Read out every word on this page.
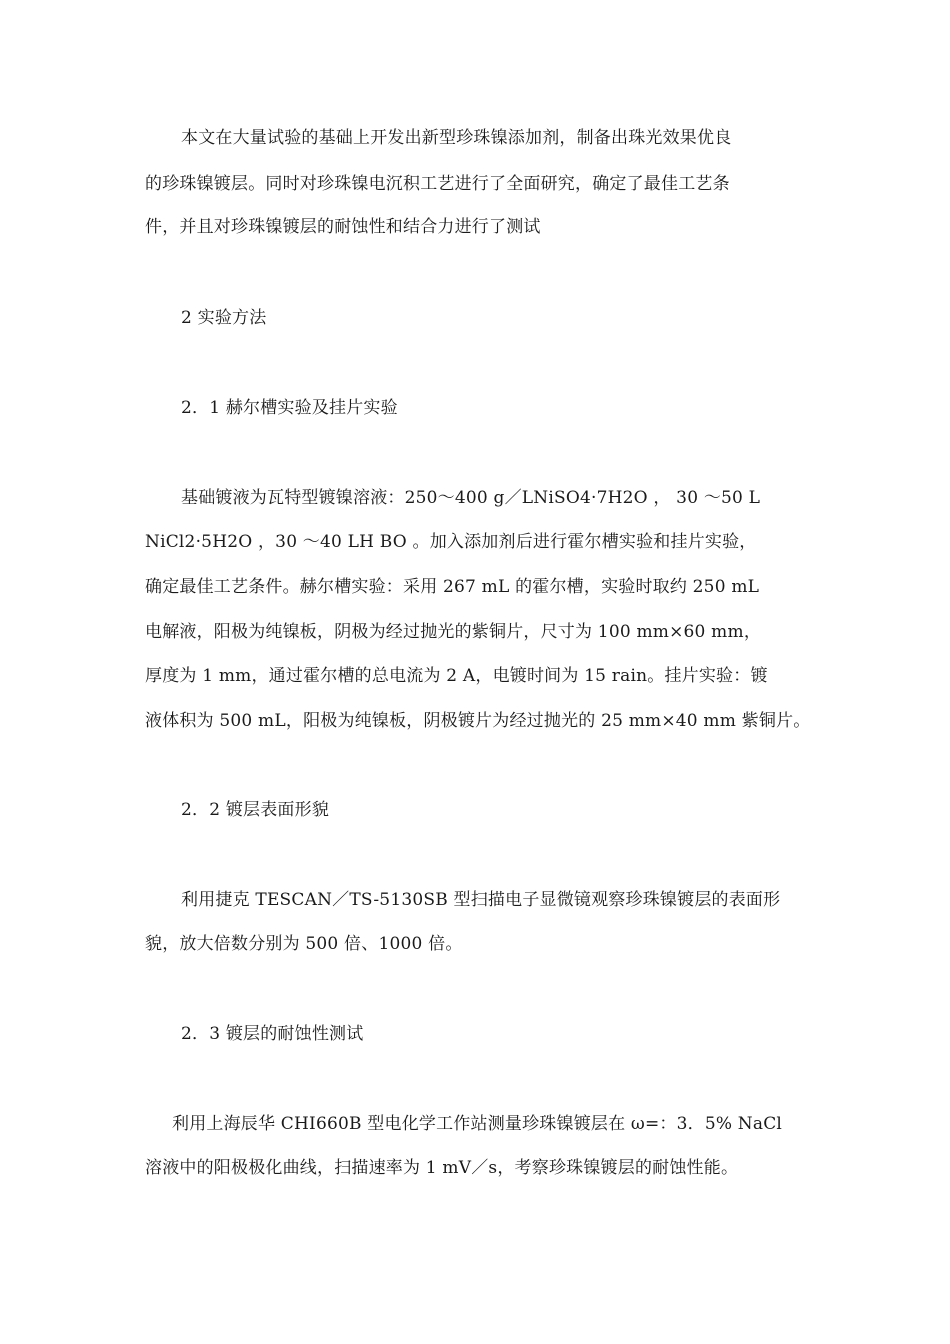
本文在大量试验的基础上开发出新型珍珠镍添加剂，制备出珠光效果优良
的珍珠镍镀层。同时对珍珠镍电沉积工艺进行了全面研究，确定了最佳工艺条
件，并且对珍珠镍镀层的耐蚀性和结合力进行了测试
2 实验方法
2．1 赫尔槽实验及挂片实验
基础镀液为瓦特型镀镍溶液：250～400 g／LNiSO4·7H2O ， 30 ～50 L
NiCl2·5H2O ，30 ～40 LH BO 。加入添加剂后进行霍尔槽实验和挂片实验，
确定最佳工艺条件。赫尔槽实验：采用 267 mL 的霍尔槽，实验时取约 250 mL
电解液，阳极为纯镍板，阴极为经过抛光的紫铜片，尺寸为 100 mm×60 mm，
厚度为 1 mm，通过霍尔槽的总电流为 2 A，电镀时间为 15 rain。挂片实验：镀
液体积为 500 mL，阳极为纯镍板，阴极镀片为经过抛光的 25 mm×40 mm 紫铜片。
2．2 镀层表面形貌
利用捷克 TESCAN／TS-5130SB 型扫描电子显微镜观察珍珠镍镀层的表面形
貌，放大倍数分别为 500 倍、1000 倍。
2．3 镀层的耐蚀性测试
利用上海辰华 CHI660B 型电化学工作站测量珍珠镍镀层在 ω=：3．5% NaCl
溶液中的阳极极化曲线，扫描速率为 1 mV／s，考察珍珠镍镀层的耐蚀性能。
